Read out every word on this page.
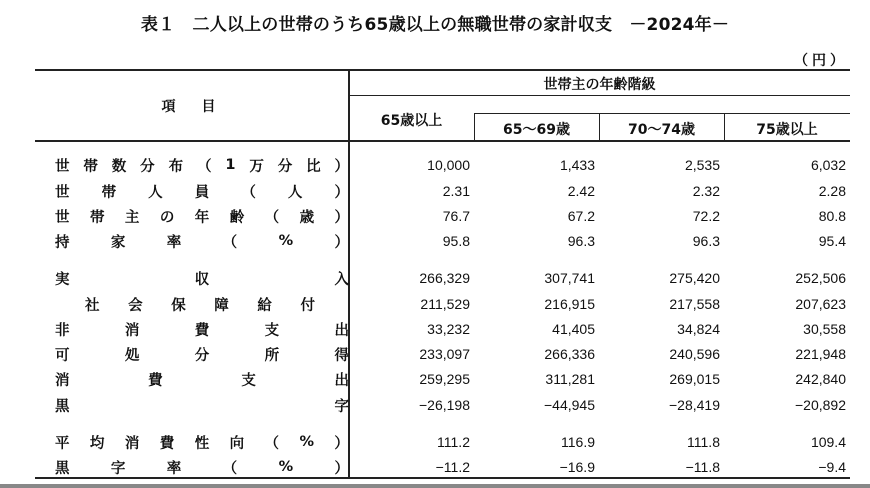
表１　二人以上の世帯のうち65歳以上の無職世帯の家計収支　－2024年－
（円）
項　目
世帯主の年齢階級
65歳以上
65～69歳	70～74歳	75歳以上
世 帯 数 分 布 （ 1 万 分 比 ）	10,000	1,433	2,535	6,032
世 帯 人 員 （ 人 ）	2.31	2.42	2.32	2.28
世 帯 主 の 年 齢 （ 歳 ）	76.7	67.2	72.2	80.8
持	家	率	（	%	）	95.8	96.3	96.3	95.4
実	収	入	266,329	307,741	275,420	252,506
社 会 保 障 給 付	211,529	216,915	217,558	207,623
非	消	費	支	出	33,232	41,405	34,824	30,558
可	処	分	所	得	233,097	266,336	240,596	221,948
消	費	支	出	259,295	311,281	269,015	242,840
黒	字	−26,198	−44,945	−28,419	−20,892
平 均 消 費 性 向 （ % ）	111.2	116.9	111.8	109.4
黒	字	率	（	%	）	−11.2	−16.9	−11.8	−9.4
